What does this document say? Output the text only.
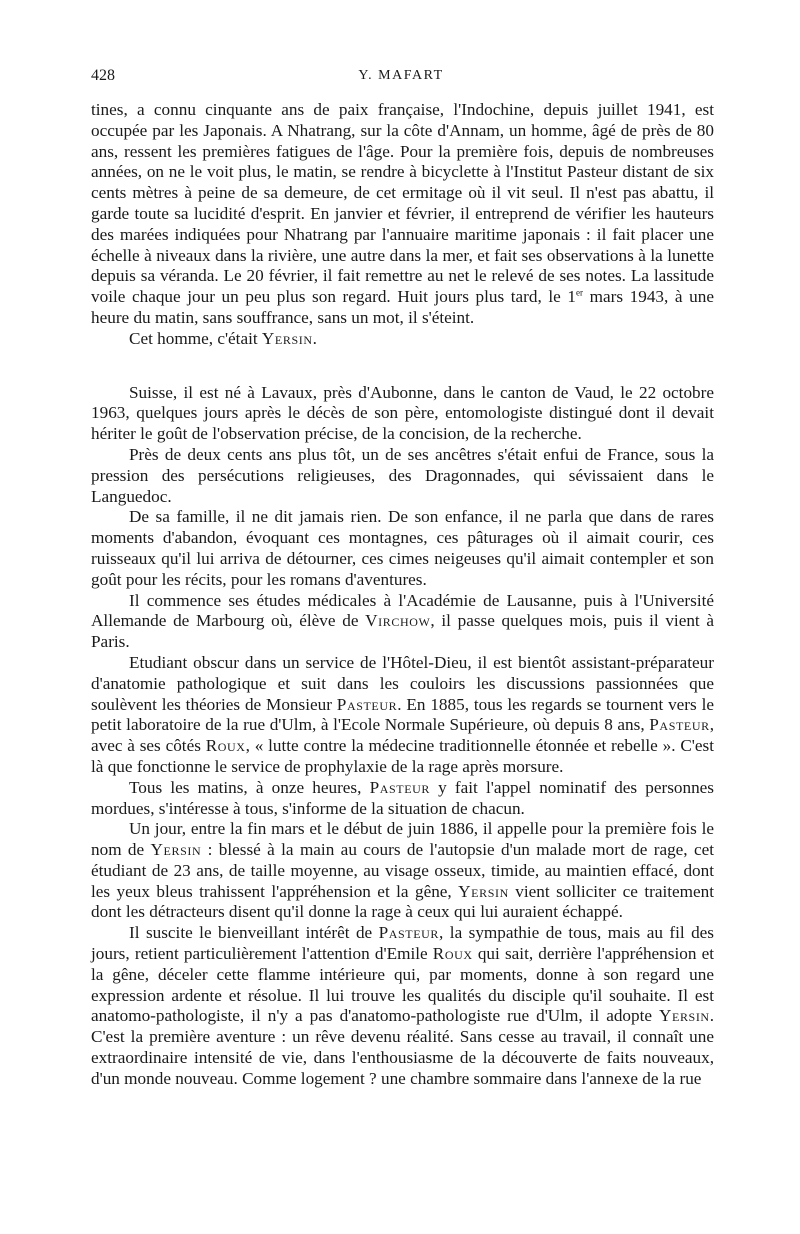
428	Y. MAFART

tines, a connu cinquante ans de paix française, l'Indochine, depuis juillet 1941, est occupée par les Japonais. A Nhatrang, sur la côte d'Annam, un homme, âgé de près de 80 ans, ressent les premières fatigues de l'âge. Pour la première fois, depuis de nombreuses années, on ne le voit plus, le matin, se rendre à bicyclette à l'Institut Pasteur distant de six cents mètres à peine de sa demeure, de cet ermitage où il vit seul. Il n'est pas abattu, il garde toute sa lucidité d'esprit. En janvier et février, il entreprend de vérifier les hauteurs des marées indiquées pour Nhatrang par l'annuaire maritime japonais : il fait placer une échelle à niveaux dans la rivière, une autre dans la mer, et fait ses observations à la lunette depuis sa véranda. Le 20 février, il fait remettre au net le relevé de ses notes. La lassitude voile chaque jour un peu plus son regard. Huit jours plus tard, le 1er mars 1943, à une heure du matin, sans souffrance, sans un mot, il s'éteint.

Cet homme, c'était Yersin.

Suisse, il est né à Lavaux, près d'Aubonne, dans le canton de Vaud, le 22 octobre 1963, quelques jours après le décès de son père, entomologiste distingué dont il devait hériter le goût de l'observation précise, de la concision, de la recherche.

Près de deux cents ans plus tôt, un de ses ancêtres s'était enfui de France, sous la pression des persécutions religieuses, des Dragonnades, qui sévissaient dans le Languedoc.

De sa famille, il ne dit jamais rien. De son enfance, il ne parla que dans de rares moments d'abandon, évoquant ces montagnes, ces pâturages où il aimait courir, ces ruisseaux qu'il lui arriva de détourner, ces cimes neigeuses qu'il aimait contempler et son goût pour les récits, pour les romans d'aventures.

Il commence ses études médicales à l'Académie de Lausanne, puis à l'Université Allemande de Marbourg où, élève de Virchow, il passe quelques mois, puis il vient à Paris.

Etudiant obscur dans un service de l'Hôtel-Dieu, il est bientôt assistant-préparateur d'anatomie pathologique et suit dans les couloirs les discussions passionnées que soulèvent les théories de Monsieur Pasteur. En 1885, tous les regards se tournent vers le petit laboratoire de la rue d'Ulm, à l'Ecole Normale Supérieure, où depuis 8 ans, Pasteur, avec à ses côtés Roux, « lutte contre la médecine traditionnelle étonnée et rebelle ». C'est là que fonctionne le service de prophylaxie de la rage après morsure.

Tous les matins, à onze heures, Pasteur y fait l'appel nominatif des personnes mordues, s'intéresse à tous, s'informe de la situation de chacun.

Un jour, entre la fin mars et le début de juin 1886, il appelle pour la première fois le nom de Yersin : blessé à la main au cours de l'autopsie d'un malade mort de rage, cet étudiant de 23 ans, de taille moyenne, au visage osseux, timide, au maintien effacé, dont les yeux bleus trahissent l'appréhension et la gêne, Yersin vient solliciter ce traitement dont les détracteurs disent qu'il donne la rage à ceux qui lui auraient échappé.

Il suscite le bienveillant intérêt de Pasteur, la sympathie de tous, mais au fil des jours, retient particulièrement l'attention d'Emile Roux qui sait, derrière l'appréhension et la gêne, déceler cette flamme intérieure qui, par moments, donne à son regard une expression ardente et résolue. Il lui trouve les qualités du disciple qu'il souhaite. Il est anatomo-pathologiste, il n'y a pas d'anatomo-pathologiste rue d'Ulm, il adopte Yersin. C'est la première aventure : un rêve devenu réalité. Sans cesse au travail, il connaît une extraordinaire intensité de vie, dans l'enthousiasme de la découverte de faits nouveaux, d'un monde nouveau. Comme logement ? une chambre sommaire dans l'annexe de la rue
